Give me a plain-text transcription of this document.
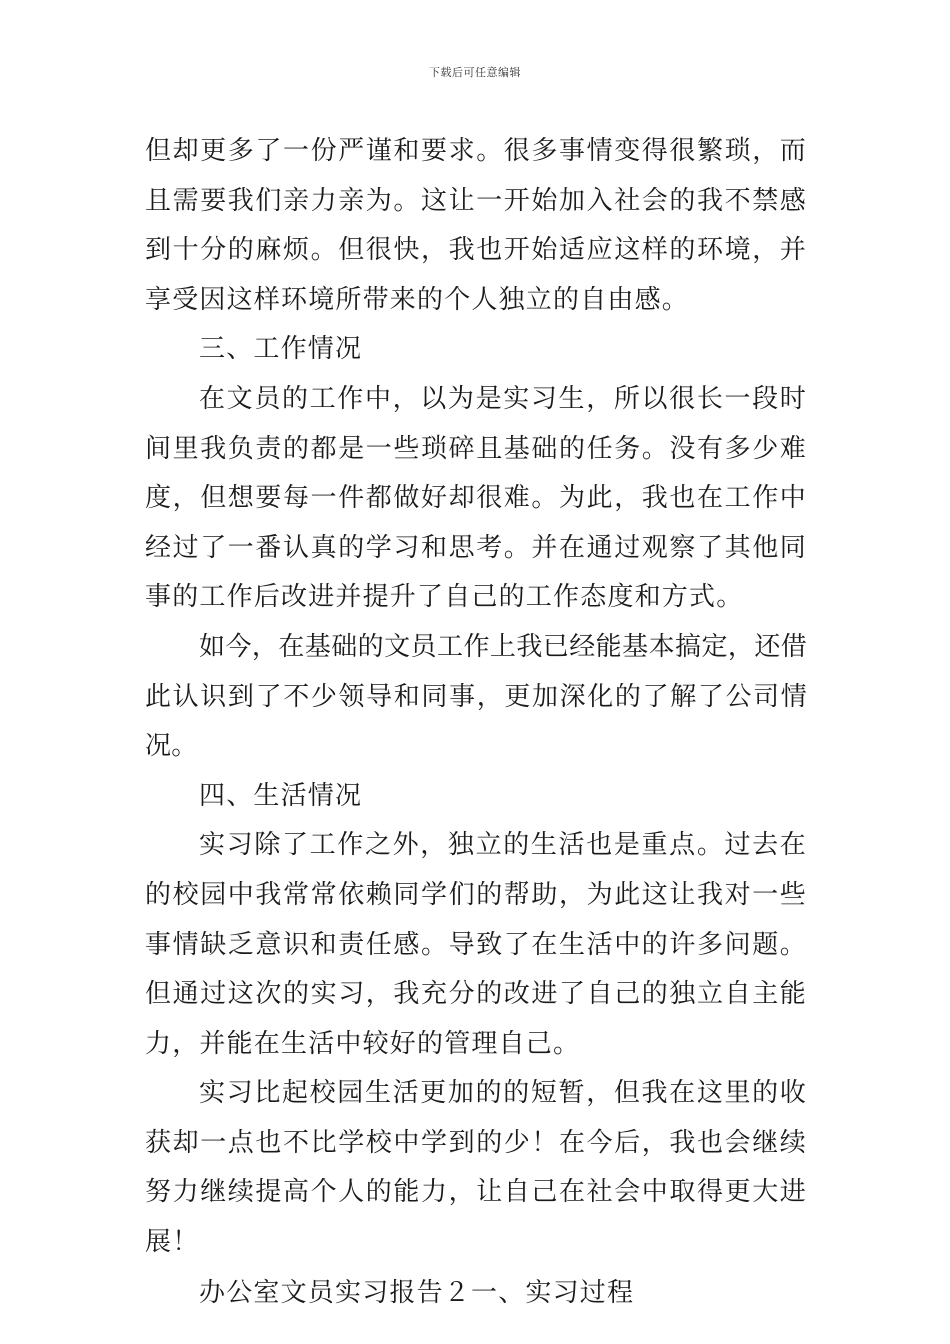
下载后可任意编辑

但却更多了一份严谨和要求。很多事情变得很繁琐，而且需要我们亲力亲为。这让一开始加入社会的我不禁感到十分的麻烦。但很快，我也开始适应这样的环境，并享受因这样环境所带来的个人独立的自由感。

三、工作情况

在文员的工作中，以为是实习生，所以很长一段时间里我负责的都是一些琐碎且基础的任务。没有多少难度，但想要每一件都做好却很难。为此，我也在工作中经过了一番认真的学习和思考。并在通过观察了其他同事的工作后改进并提升了自己的工作态度和方式。

如今，在基础的文员工作上我已经能基本搞定，还借此认识到了不少领导和同事，更加深化的了解了公司情况。

四、生活情况

实习除了工作之外，独立的生活也是重点。过去在的校园中我常常依赖同学们的帮助，为此这让我对一些事情缺乏意识和责任感。导致了在生活中的许多问题。但通过这次的实习，我充分的改进了自己的独立自主能力，并能在生活中较好的管理自己。

实习比起校园生活更加的的短暂，但我在这里的收获却一点也不比学校中学到的少！在今后，我也会继续努力继续提高个人的能力，让自己在社会中取得更大进展！

办公室文员实习报告２一、实习过程
